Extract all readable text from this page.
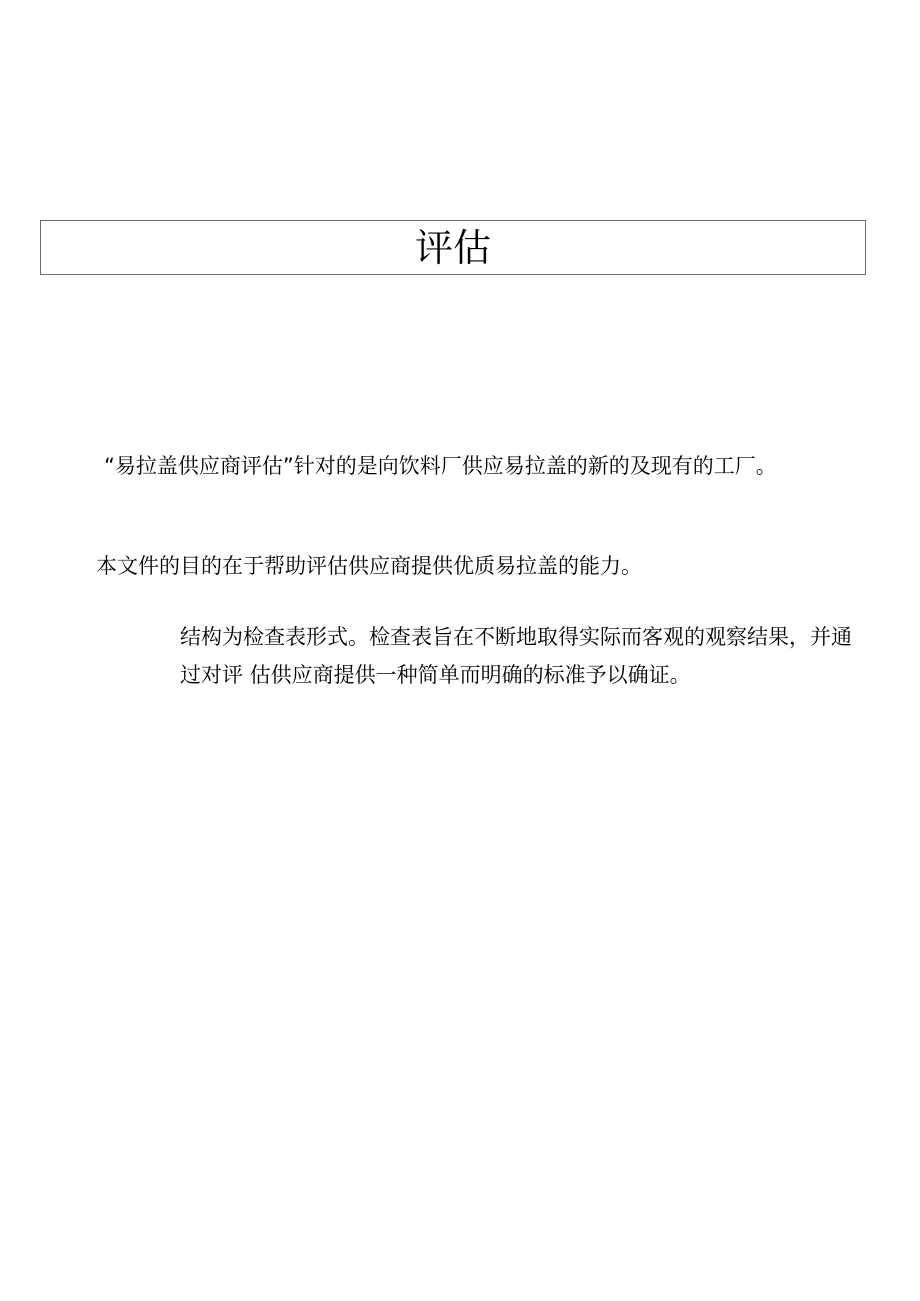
评估

“易拉盖供应商评估”针对的是向饮料厂供应易拉盖的新的及现有的工厂。

本文件的目的在于帮助评估供应商提供优质易拉盖的能力。

结构为检查表形式。检查表旨在不断地取得实际而客观的观察结果，并通过对评 估供应商提供一种简单而明确的标准予以确证。
